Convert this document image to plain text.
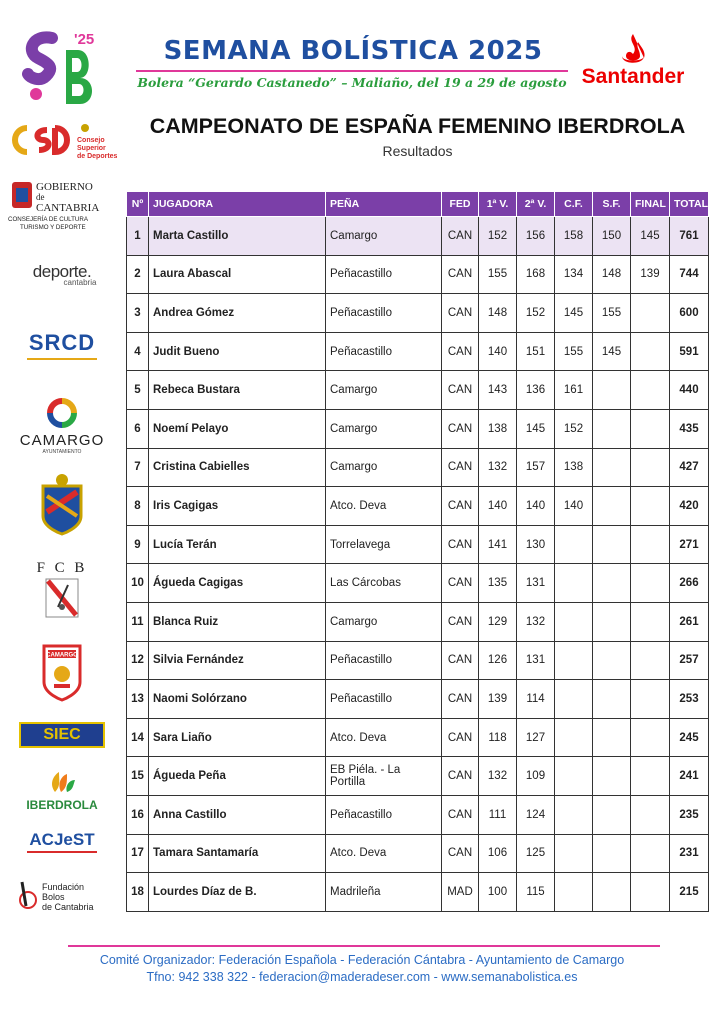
'25	SEMANA BOLÍSTICA 2025
Bolera “Gerardo Castanedo” – Maliaño, del 19 a 29 de agosto Santander
CAMPEONATO DE ESPAÑA FEMENINO IBERDROLA
Resultados
Consejo
Superior
de Deportes
GOBIERNO
de
CANTABRIA
CONSEJERÍA DE CULTURA
TURISMO Y DEPORTE
deporte.
cantabria
SRCD
CAMARGO
AYUNTAMIENTO
F C B
CAMARGO
SIEC
IBERDROLA
ACJeST
Fundación
Bolos
de Cantabria
Nº	JUGADORA	PEÑA	FED	1ª V.	2ª V.	C.F.	S.F.	FINAL	TOTAL
1	Marta Castillo	Camargo	CAN	152	156	158	150	145	761
2	Laura Abascal	Peñacastillo	CAN	155	168	134	148	139	744
3	Andrea Gómez	Peñacastillo	CAN	148	152	145	155		600
4	Judit Bueno	Peñacastillo	CAN	140	151	155	145		591
5	Rebeca Bustara	Camargo	CAN	143	136	161			440
6	Noemí Pelayo	Camargo	CAN	138	145	152			435
7	Cristina Cabielles	Camargo	CAN	132	157	138			427
8	Iris Cagigas	Atco. Deva	CAN	140	140	140			420
9	Lucía Terán	Torrelavega	CAN	141	130				271
10	Águeda Cagigas	Las Cárcobas	CAN	135	131				266
11	Blanca Ruiz	Camargo	CAN	129	132				261
12	Silvia Fernández	Peñacastillo	CAN	126	131				257
13	Naomi Solórzano	Peñacastillo	CAN	139	114				253
14	Sara Liaño	Atco. Deva	CAN	118	127				245
15	Águeda Peña	EB Piéla. - La Portilla	CAN	132	109				241
16	Anna Castillo	Peñacastillo	CAN	111	124				235
17	Tamara Santamaría	Atco. Deva	CAN	106	125				231
18	Lourdes Díaz de B.	Madrileña	MAD	100	115				215
Comité Organizador: Federación Española - Federación Cántabra - Ayuntamiento de Camargo
Tfno: 942 338 322 - federacion@maderadeser.com - www.semanabolistica.es
